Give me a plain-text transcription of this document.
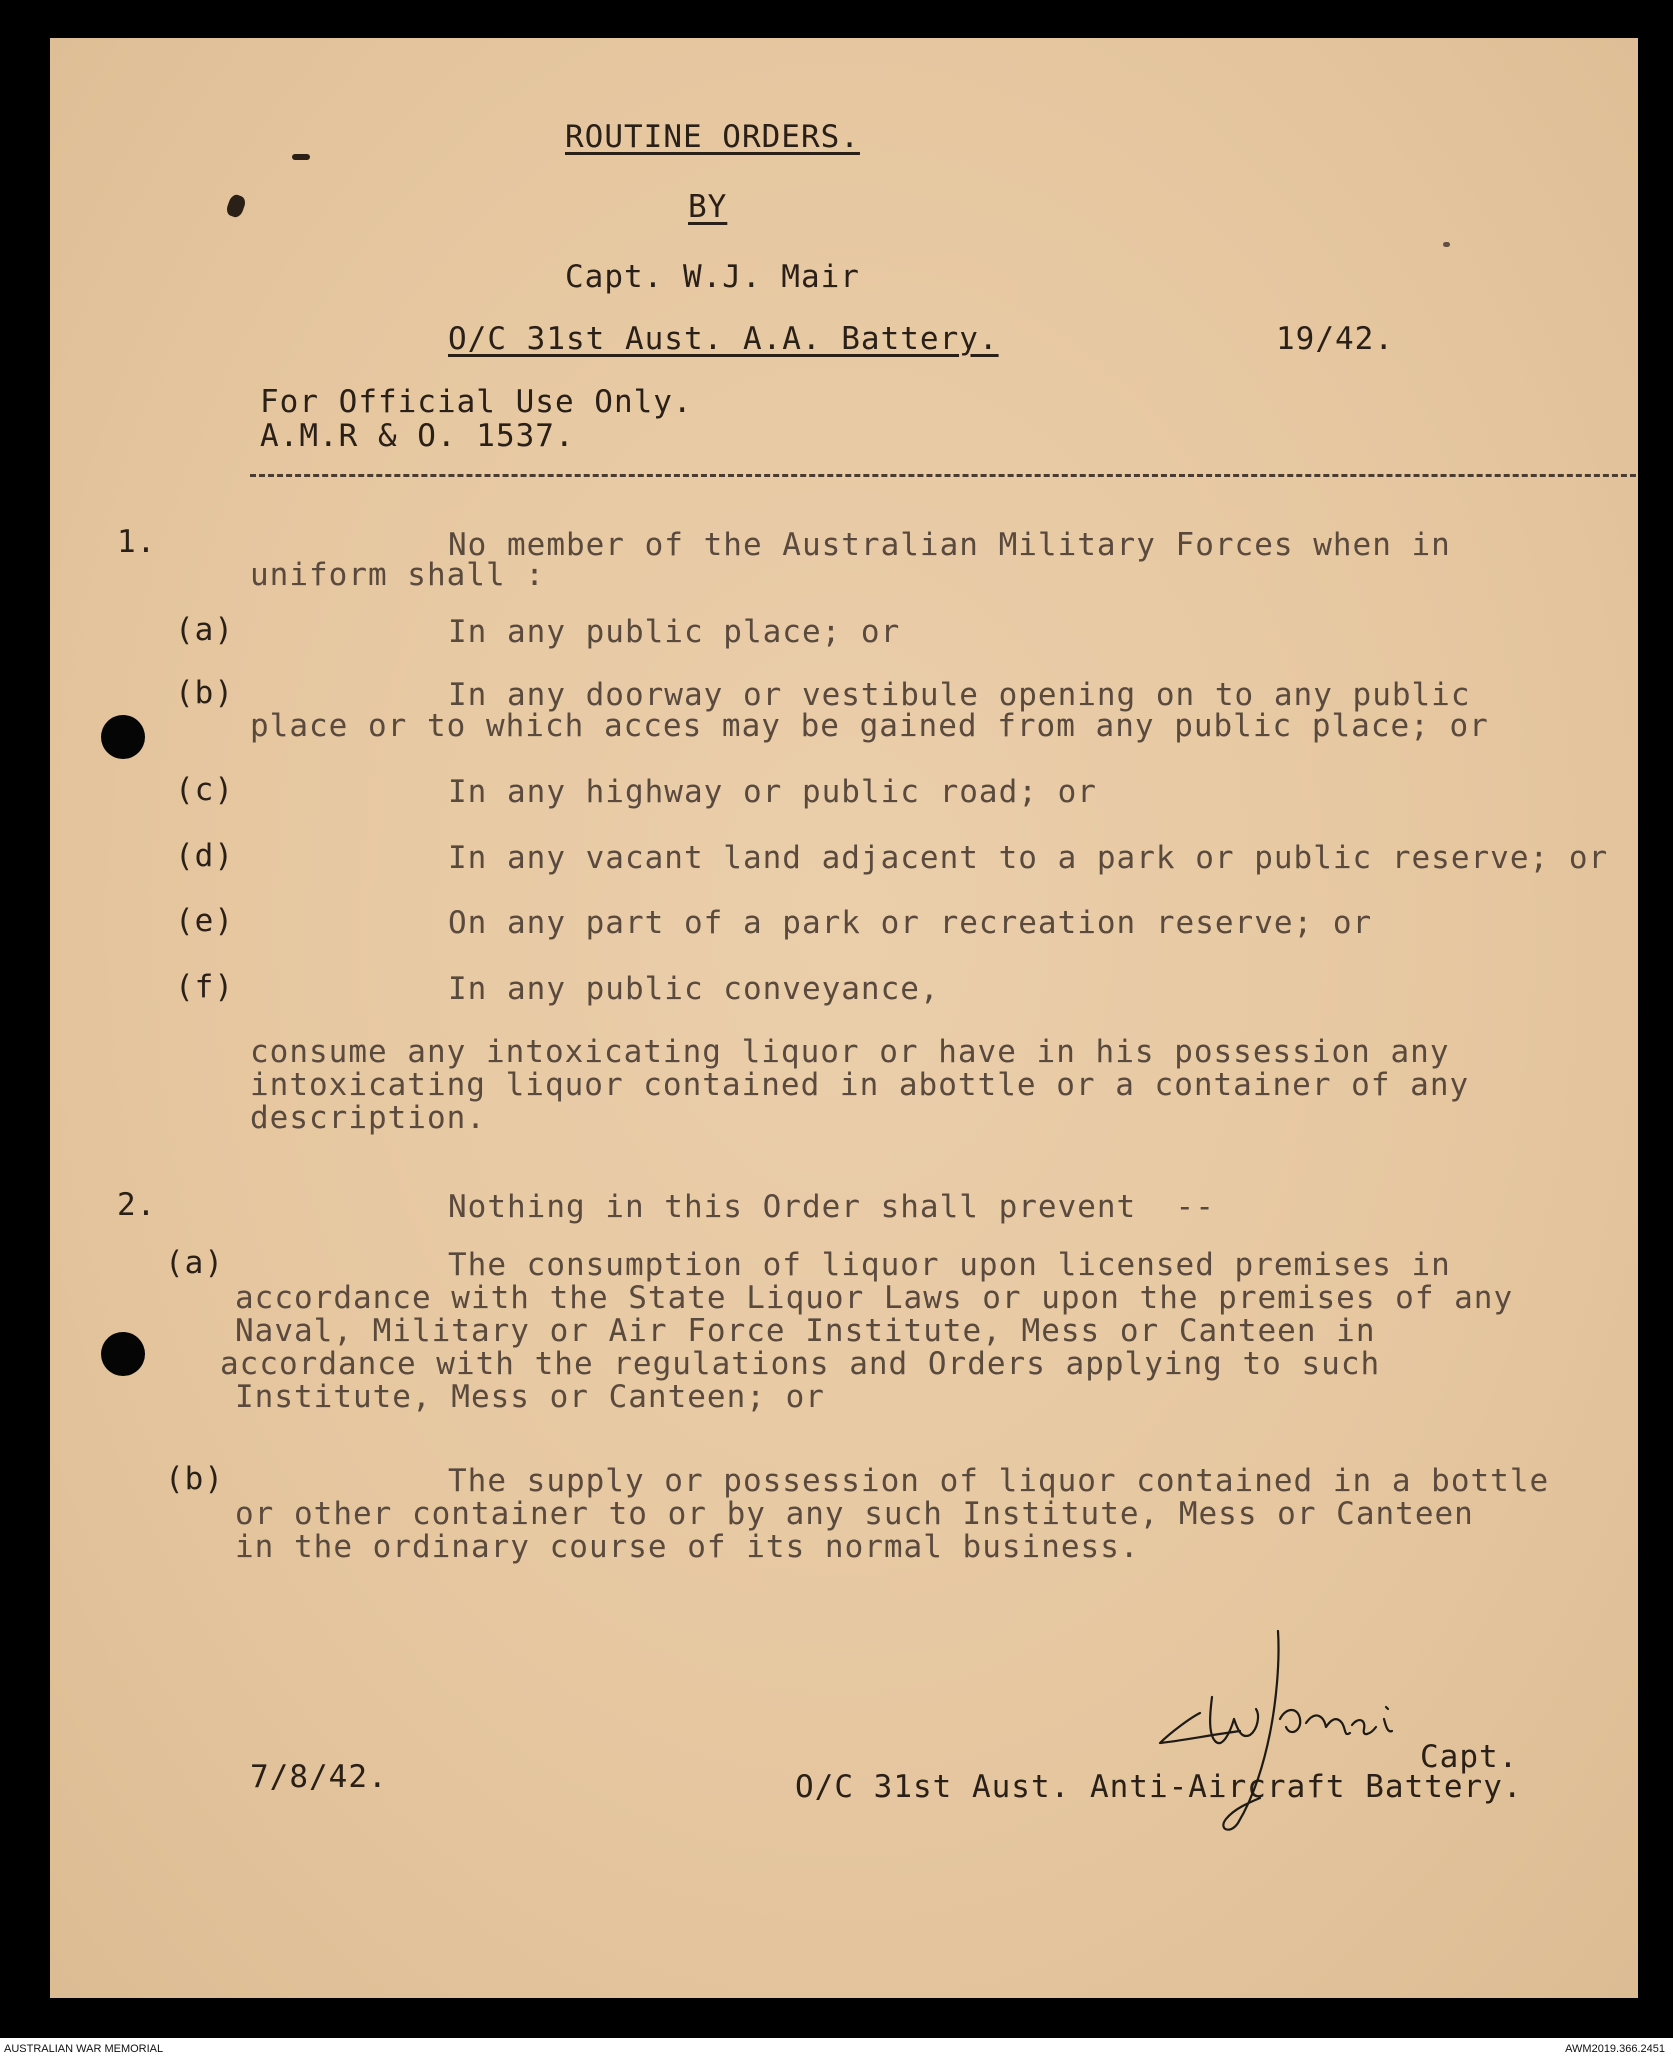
ROUTINE ORDERS.
BY
Capt. W.J. Mair
O/C 31st Aust. A.A. Battery.	19/42.
For Official Use Only.
A.M.R & O. 1537.
1.	No member of the Australian Military Forces when in
uniform shall :
(a)	In any public place; or
(b)	In any doorway or vestibule opening on to any public
place or to which acces may be gained from any public place; or
(c)	In any highway or public road; or
(d)	In any vacant land adjacent to a park or public reserve; or
(e)	On any part of a park or recreation reserve; or
(f)	In any public conveyance,
consume any intoxicating liquor or have in his possession any
intoxicating liquor contained in abottle or a container of any
description.
2.	Nothing in this Order shall prevent  --
(a)	The consumption of liquor upon licensed premises in
accordance with the State Liquor Laws or upon the premises of any
Naval, Military or Air Force Institute, Mess or Canteen in
accordance with the regulations and Orders applying to such
Institute, Mess or Canteen; or
(b)	The supply or possession of liquor contained in a bottle
or other container to or by any such Institute, Mess or Canteen
in the ordinary course of its normal business.
7/8/42.
Capt.
O/C 31st Aust. Anti-Aircraft Battery.
AUSTRALIAN WAR MEMORIAL	AWM2019.366.2451
